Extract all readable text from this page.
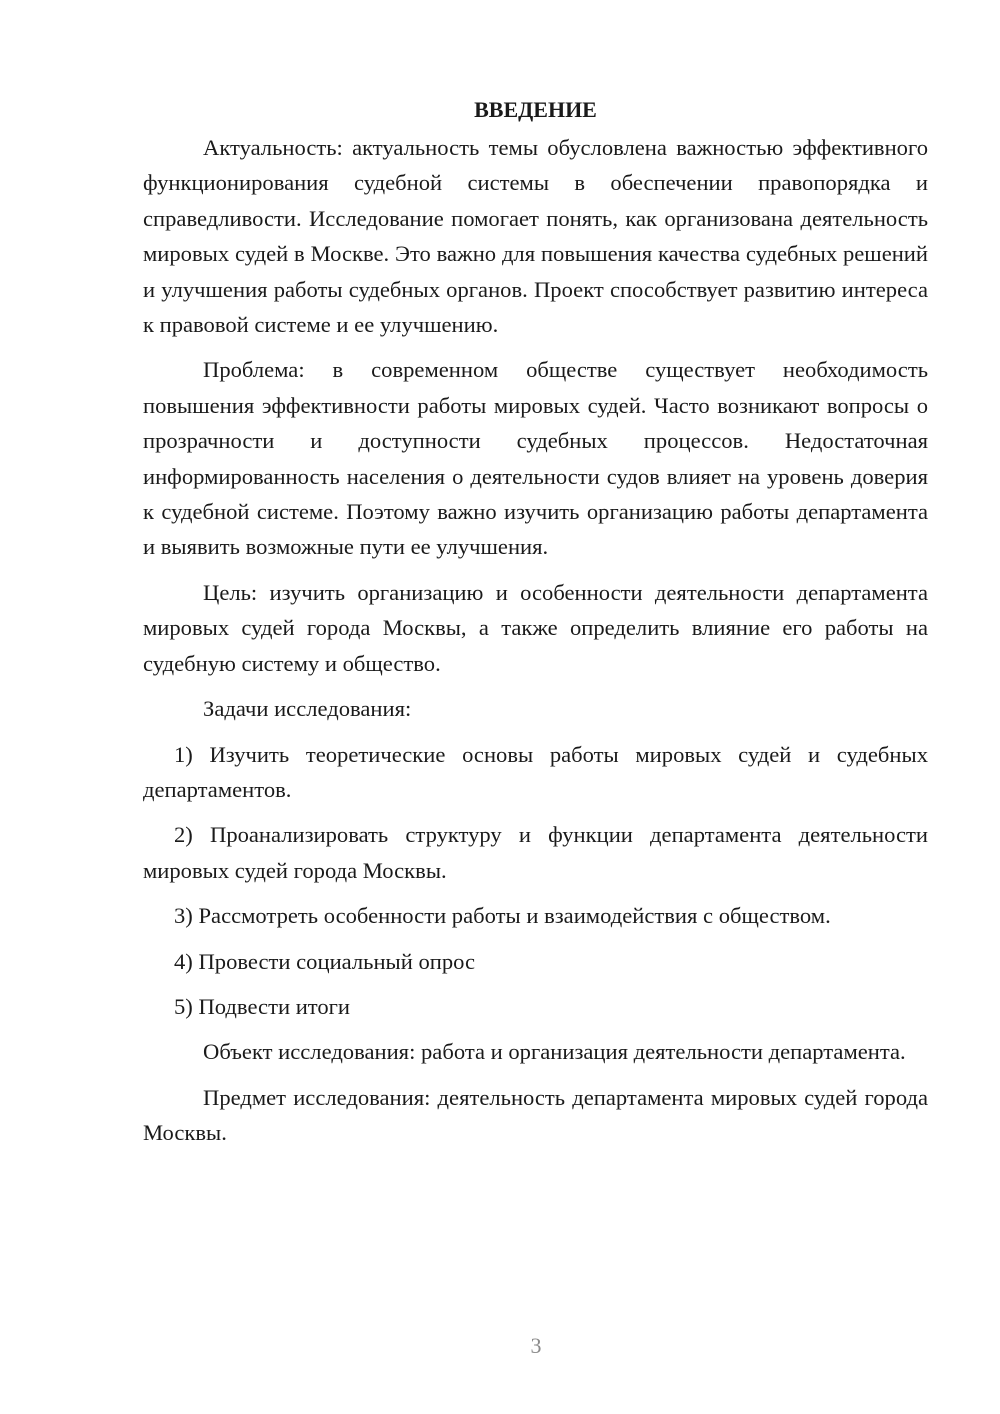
ВВЕДЕНИЕ

Актуальность: актуальность темы обусловлена важностью эффективного функционирования судебной системы в обеспечении правопорядка и справедливости. Исследование помогает понять, как организована деятельность мировых судей в Москве. Это важно для повышения качества судебных решений и улучшения работы судебных органов. Проект способствует развитию интереса к правовой системе и ее улучшению.

Проблема: в современном обществе существует необходимость повышения эффективности работы мировых судей. Часто возникают вопросы о прозрачности и доступности судебных процессов. Недостаточная информированность населения о деятельности судов влияет на уровень доверия к судебной системе. Поэтому важно изучить организацию работы департамента и выявить возможные пути ее улучшения.

Цель: изучить организацию и особенности деятельности департамента мировых судей города Москвы, а также определить влияние его работы на судебную систему и общество.

Задачи исследования:

1) Изучить теоретические основы работы мировых судей и судебных департаментов.

2) Проанализировать структуру и функции департамента деятельности мировых судей города Москвы.

3) Рассмотреть особенности работы и взаимодействия с обществом.

4) Провести социальный опрос

5) Подвести итоги

Объект исследования: работа и организация деятельности департамента.

Предмет исследования: деятельность департамента мировых судей города Москвы.

3
